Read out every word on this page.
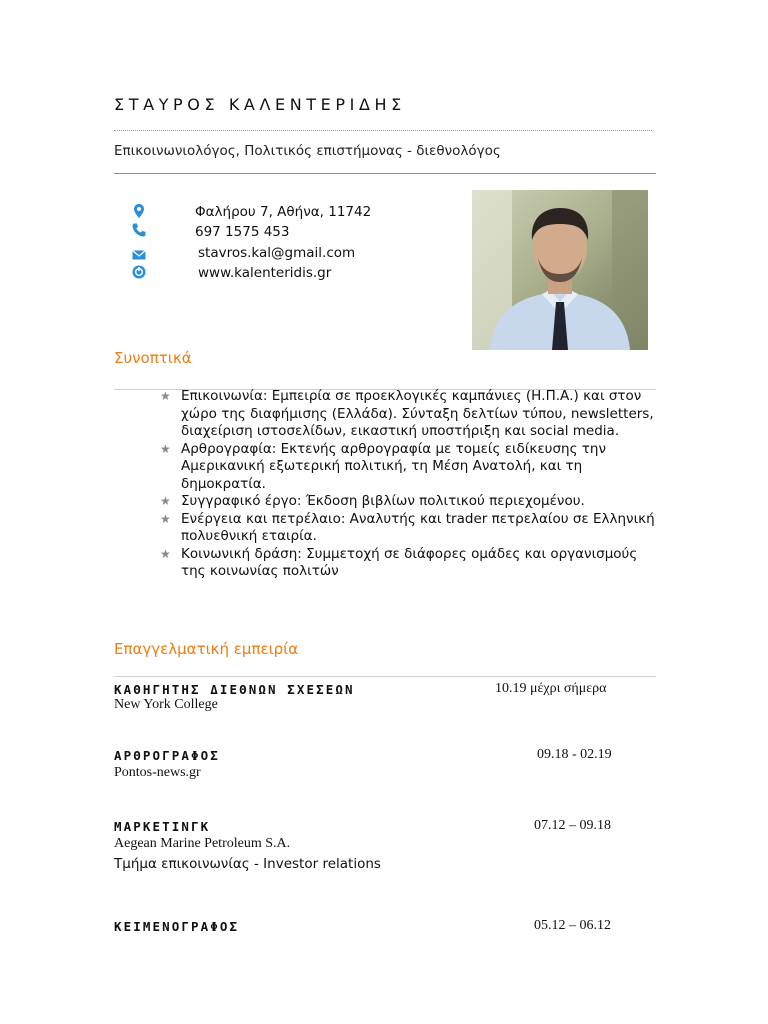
ΣΤΑΥΡΟΣ ΚΑΛΕΝΤΕΡΙΔΗΣ
Επικοινωνιολόγος, Πολιτικός επιστήμονας - διεθνολόγος
Φαλήρου 7, Αθήνα, 11742
697 1575 453
stavros.kal@gmail.com
www.kalenteridis.gr
Συνοπτικά
★ Επικοινωνία: Εμπειρία σε προεκλογικές καμπάνιες (Η.Π.Α.) και στον χώρο της διαφήμισης (Ελλάδα). Σύνταξη δελτίων τύπου, newsletters, διαχείριση ιστοσελίδων, εικαστική υποστήριξη και social media.
★ Αρθρογραφία: Εκτενής αρθρογραφία με τομείς ειδίκευσης την Αμερικανική εξωτερική πολιτική, τη Μέση Ανατολή, και τη δημοκρατία.
★ Συγγραφικό έργο: Έκδοση βιβλίων πολιτικού περιεχομένου.
★ Ενέργεια και πετρέλαιο: Αναλυτής και trader πετρελαίου σε Ελληνική πολυεθνική εταιρία.
★ Κοινωνική δράση: Συμμετοχή σε διάφορες ομάδες και οργανισμούς της κοινωνίας πολιτών
Επαγγελματική εμπειρία
ΚΑΘΗΓΗΤΗΣ ΔΙΕΘΝΩΝ ΣΧΕΣΕΩΝ	10.19 μέχρι σήμερα
New York College
ΑΡΘΡΟΓΡΑΦΟΣ	09.18 - 02.19
Pontos-news.gr
ΜΑΡΚΕΤΙΝΓΚ	07.12 – 09.18
Aegean Marine Petroleum S.A.
Τμήμα επικοινωνίας - Investor relations
ΚΕΙΜΕΝΟΓΡΑΦΟΣ	05.12 – 06.12
